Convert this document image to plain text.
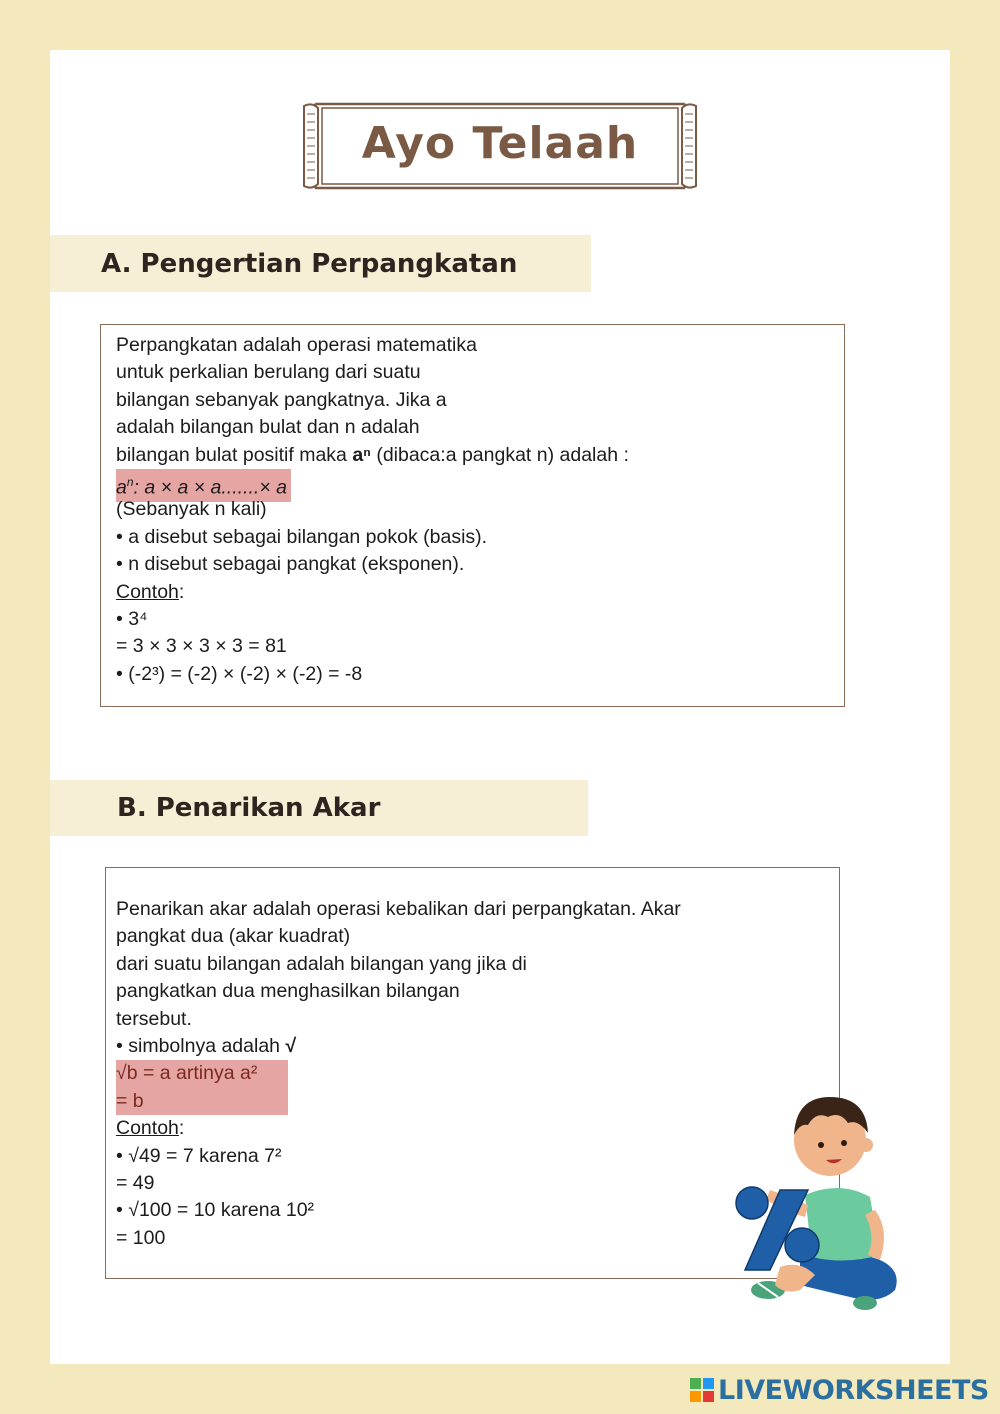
Ayo Telaah
A. Pengertian Perpangkatan
Perpangkatan adalah operasi matematika
untuk perkalian berulang dari suatu
bilangan sebanyak pangkatnya. Jika a
adalah bilangan bulat dan n adalah
bilangan bulat positif maka aⁿ (dibaca:a pangkat n) adalah :
$a^n$: a × a × a.......× a
(Sebanyak n kali)
• a disebut sebagai bilangan pokok (basis).
• n disebut sebagai pangkat (eksponen).
Contoh:
• 3⁴
= 3 × 3 × 3 × 3 = 81
• (-2³) = (-2) × (-2) × (-2) = -8
B. Penarikan Akar
Penarikan akar adalah operasi kebalikan dari perpangkatan. Akar
pangkat dua (akar kuadrat)
dari suatu bilangan adalah bilangan yang jika di
pangkatkan dua menghasilkan bilangan
tersebut.
• simbolnya adalah √
√b = a artinya a²
= b
Contoh:
• √49 = 7 karena 7²
= 49
• √100 = 10 karena 10²
= 100
LIVEWORKSHEETS
